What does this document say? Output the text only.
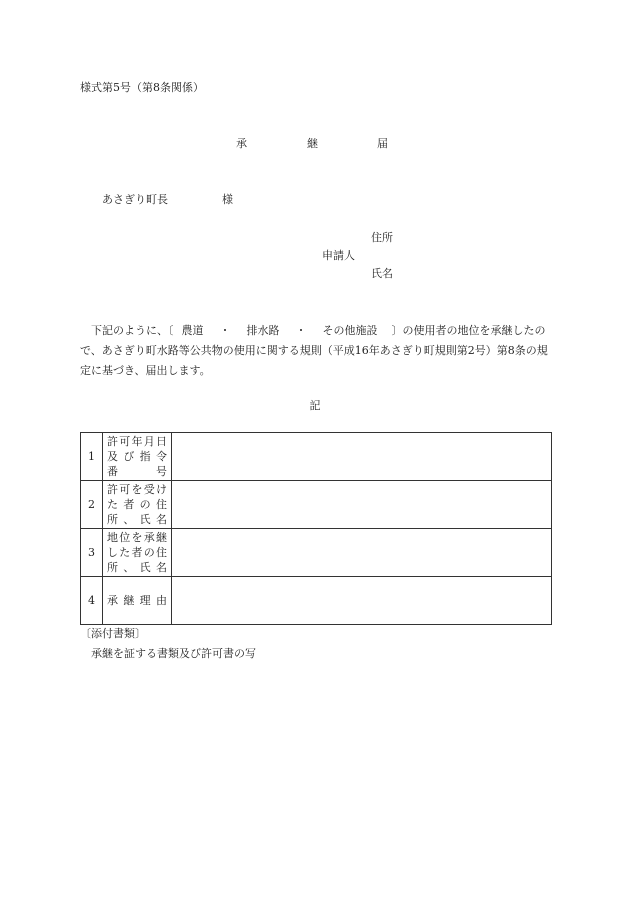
様式第5号（第8条関係）
承	継	届
あさぎり町長	様
住所
申請人
氏名
下記のように、〔 農道 ・ 排水路 ・ その他施設 〕の使用者の地位を承継したので、あさぎり町水路等公共物の使用に関する規則（平成16年あさぎり町規則第2号）第8条の規定に基づき、届出します。
記
1	許可年月日
及び指令
番号	

2	許可を受け
た者の住
所、氏名	

3	地位を承継
した者の住
所、氏名	

4	承継理由	

〔添付書類〕
承継を証する書類及び許可書の写
